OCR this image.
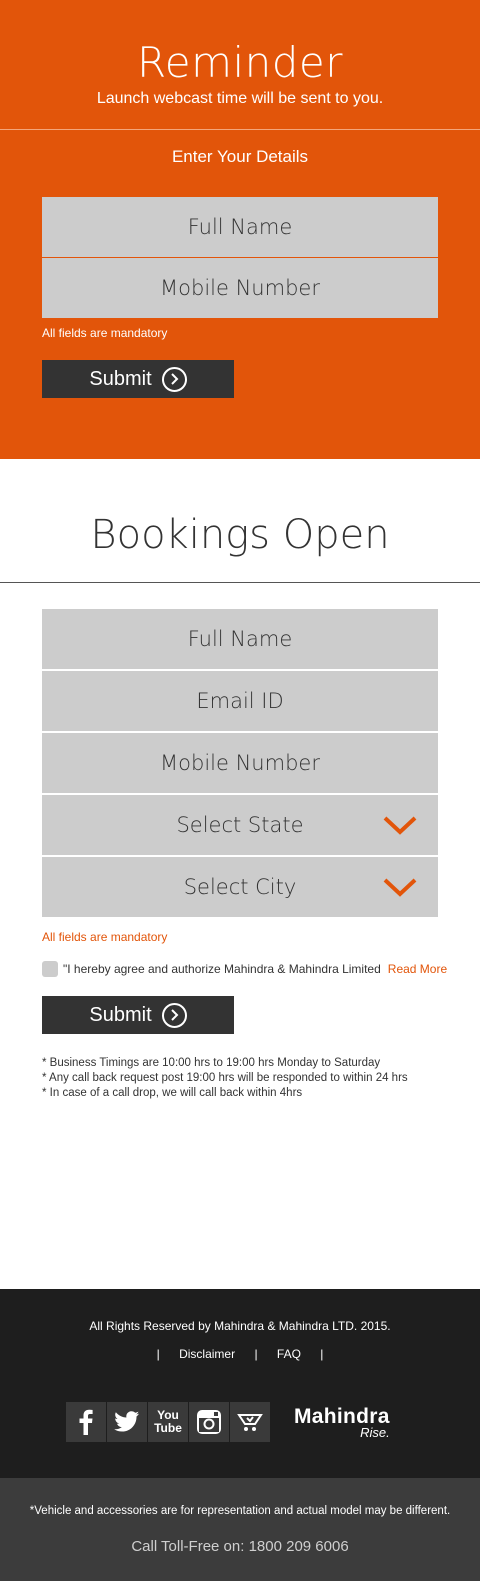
Reminder
Launch webcast time will be sent to you.
Enter Your Details
Full Name
Mobile Number
All fields are mandatory
Submit
Bookings Open
Full Name
Email ID
Mobile Number
Select State
Select City
All fields are mandatory
"I hereby agree and authorize Mahindra & Mahindra Limited Read More
Submit
* Business Timings are 10:00 hrs to 19:00 hrs Monday to Saturday
* Any call back request post 19:00 hrs will be responded to within 24 hrs
* In case of a call drop, we will call back within 4hrs
All Rights Reserved by Mahindra & Mahindra LTD. 2015.
| Disclaimer | FAQ |
You
Tube	Mahindra
Rise.
*Vehicle and accessories are for representation and actual model may be different.
Call Toll-Free on: 1800 209 6006
